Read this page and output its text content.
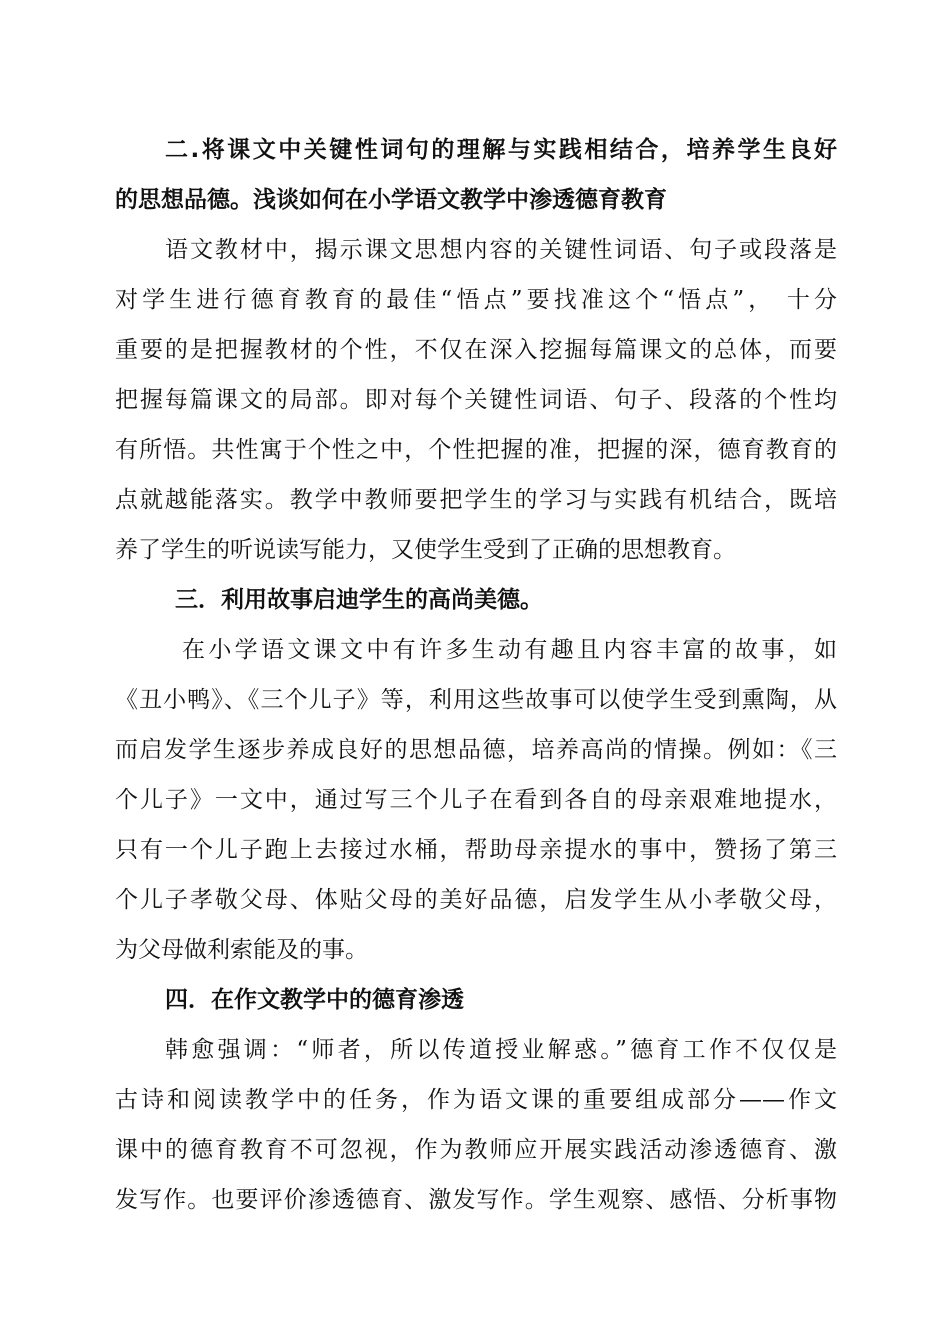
二.将课文中关键性词句的理解与实践相结合，培养学生良好
的思想品德。浅谈如何在小学语文教学中渗透德育教育
语文教材中，揭示课文思想内容的关键性词语、句子或段落是
对学生进行德育教育的最佳“悟点”要找准这个“悟点”， 十分
重要的是把握教材的个性，不仅在深入挖掘每篇课文的总体，而要
把握每篇课文的局部。即对每个关键性词语、句子、段落的个性均
有所悟。共性寓于个性之中，个性把握的准，把握的深，德育教育的
点就越能落实。教学中教师要把学生的学习与实践有机结合，既培
养了学生的听说读写能力，又使学生受到了正确的思想教育。
三．利用故事启迪学生的高尚美德。
在小学语文课文中有许多生动有趣且内容丰富的故事，如
《丑小鸭》、《三个儿子》等，利用这些故事可以使学生受到熏陶，从
而启发学生逐步养成良好的思想品德，培养高尚的情操。例如：《三
个儿子》一文中，通过写三个儿子在看到各自的母亲艰难地提水，
只有一个儿子跑上去接过水桶，帮助母亲提水的事中，赞扬了第三
个儿子孝敬父母、体贴父母的美好品德，启发学生从小孝敬父母，
为父母做利索能及的事。
四．在作文教学中的德育渗透
韩愈强调：“师者，所以传道授业解惑。”德育工作不仅仅是
古诗和阅读教学中的任务，作为语文课的重要组成部分——作文
课中的德育教育不可忽视，作为教师应开展实践活动渗透德育、激
发写作。也要评价渗透德育、激发写作。学生观察、感悟、分析事物
